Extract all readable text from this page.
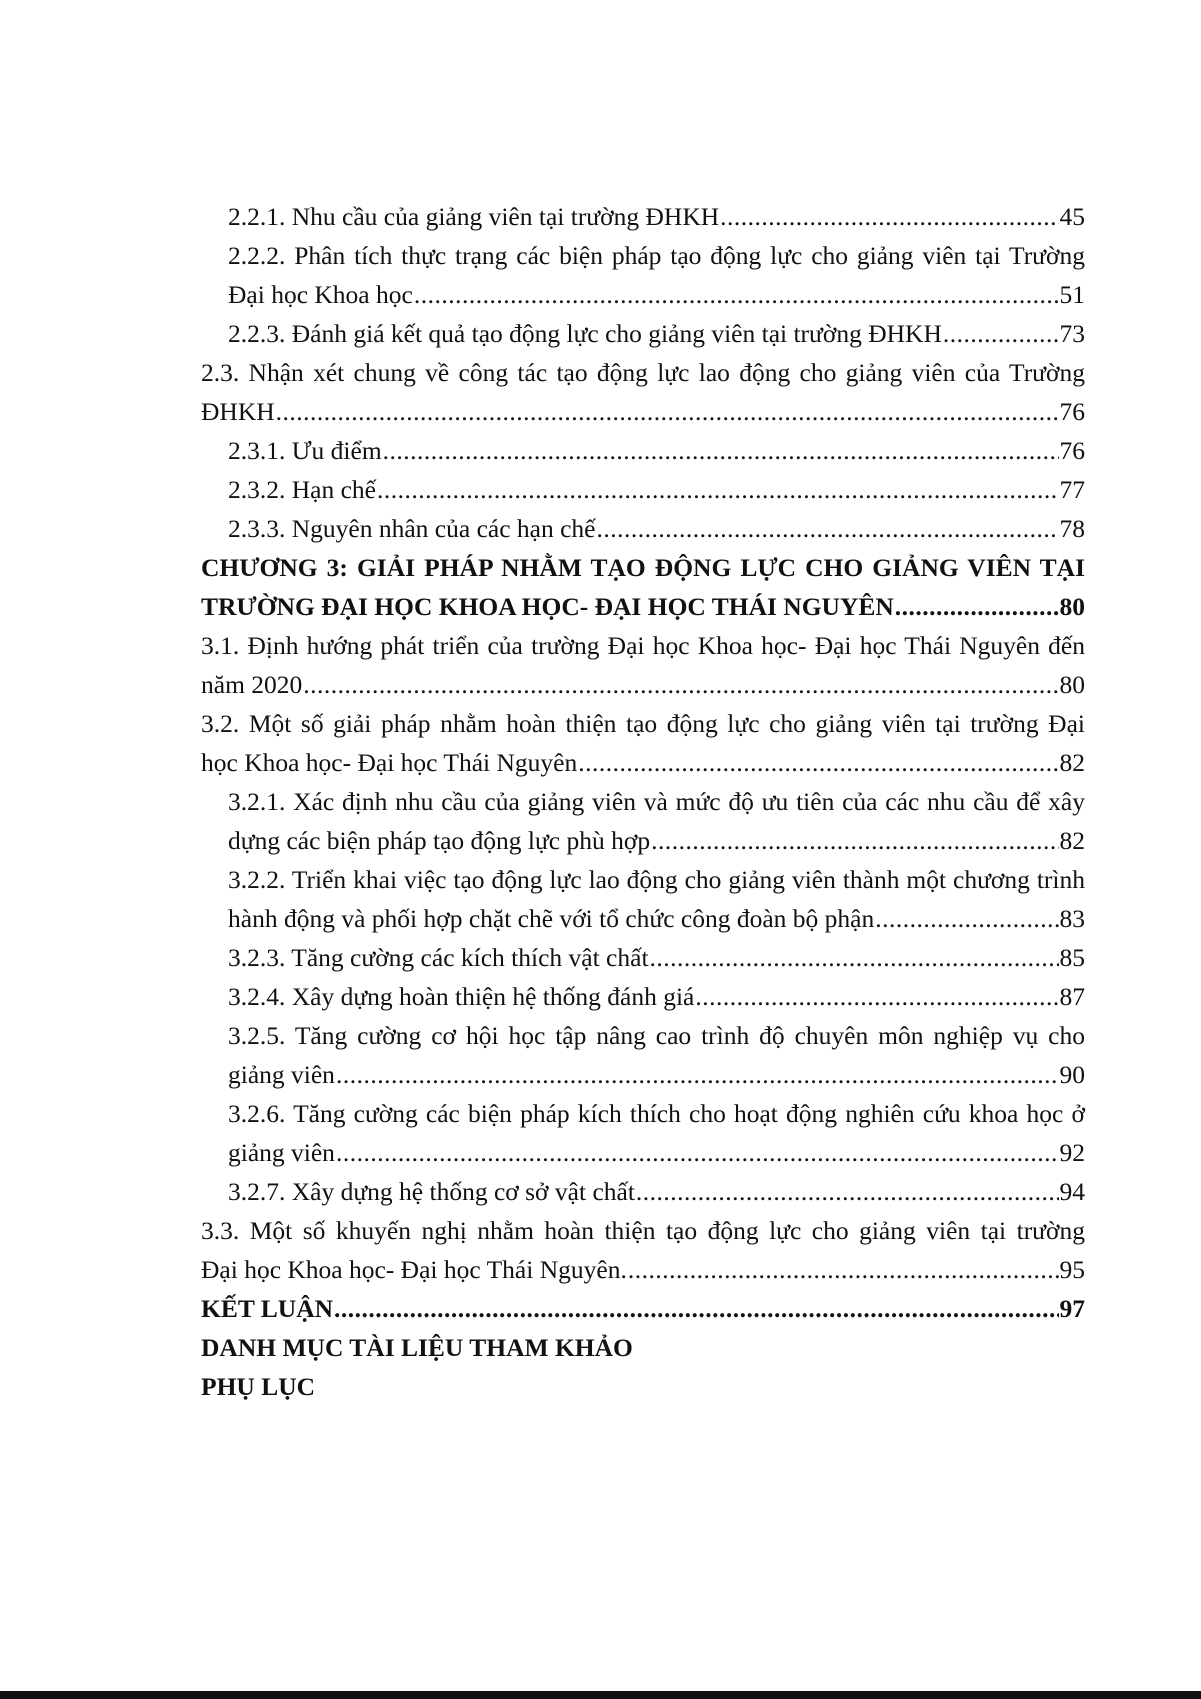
2.2.1. Nhu cầu của giảng viên tại trường ĐHKH .....	45
2.2.2. Phân tích thực trạng các biện pháp tạo động lực cho giảng viên tại Trường
Đại học Khoa học .....	51
2.2.3. Đánh giá kết quả tạo động lực cho giảng viên tại trường ĐHKH .....	73
2.3. Nhận xét chung về công tác tạo động lực lao động cho giảng viên của Trường
ĐHKH .....	76
2.3.1. Ưu điểm .....	76
2.3.2. Hạn chế .....	77
2.3.3. Nguyên nhân của các hạn chế .....	78
CHƯƠNG 3: GIẢI PHÁP NHẰM TẠO ĐỘNG LỰC CHO GIẢNG VIÊN TẠI
TRƯỜNG ĐẠI HỌC KHOA HỌC- ĐẠI HỌC THÁI NGUYÊN .....	80
3.1. Định hướng phát triển của trường Đại học Khoa học- Đại học Thái Nguyên đến
năm 2020 .....	80
3.2. Một số giải pháp nhằm hoàn thiện tạo động lực cho giảng viên tại trường Đại
học Khoa học- Đại học Thái Nguyên .....	82
3.2.1. Xác định nhu cầu của giảng viên và mức độ ưu tiên của các nhu cầu để xây
dựng các biện pháp tạo động lực phù hợp .....	82
3.2.2. Triển khai việc tạo động lực lao động cho giảng viên thành một chương trình
hành động và phối hợp chặt chẽ với tổ chức công đoàn bộ phận .....	83
3.2.3. Tăng cường các kích thích vật chất .....	85
3.2.4. Xây dựng hoàn thiện hệ thống đánh giá .....	87
3.2.5. Tăng cường cơ hội học tập nâng cao trình độ chuyên môn nghiệp vụ cho
giảng viên .....	90
3.2.6. Tăng cường các biện pháp kích thích cho hoạt động nghiên cứu khoa học ở
giảng viên .....	92
3.2.7. Xây dựng hệ thống cơ sở vật chất .....	94
3.3. Một số khuyến nghị nhằm hoàn thiện tạo động lực cho giảng viên tại trường
Đại học Khoa học- Đại học Thái Nguyên. .....	95
KẾT LUẬN .....	97
DANH MỤC TÀI LIỆU THAM KHẢO
PHỤ LỤC
